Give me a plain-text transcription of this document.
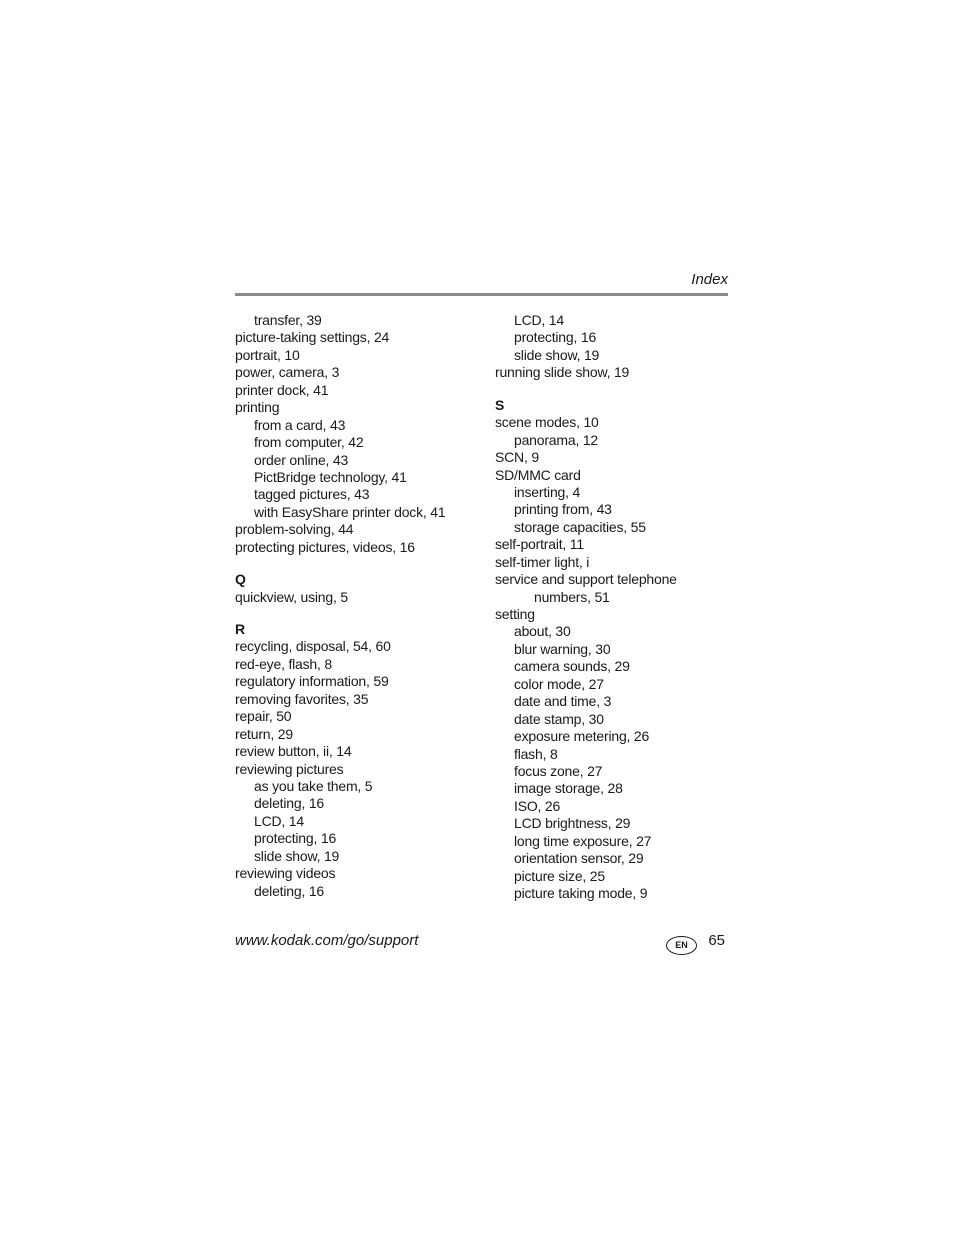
Index
transfer, 39
picture-taking settings, 24
portrait, 10
power, camera, 3
printer dock, 41
printing
from a card, 43
from computer, 42
order online, 43
PictBridge technology, 41
tagged pictures, 43
with EasyShare printer dock, 41
problem-solving, 44
protecting pictures, videos, 16
Q
quickview, using, 5
R
recycling, disposal, 54, 60
red-eye, flash, 8
regulatory information, 59
removing favorites, 35
repair, 50
return, 29
review button, ii, 14
reviewing pictures
as you take them, 5
deleting, 16
LCD, 14
protecting, 16
slide show, 19
reviewing videos
deleting, 16
LCD, 14
protecting, 16
slide show, 19
running slide show, 19
S
scene modes, 10
panorama, 12
SCN, 9
SD/MMC card
inserting, 4
printing from, 43
storage capacities, 55
self-portrait, 11
self-timer light, i
service and support telephone
numbers, 51
setting
about, 30
blur warning, 30
camera sounds, 29
color mode, 27
date and time, 3
date stamp, 30
exposure metering, 26
flash, 8
focus zone, 27
image storage, 28
ISO, 26
LCD brightness, 29
long time exposure, 27
orientation sensor, 29
picture size, 25
picture taking mode, 9
www.kodak.com/go/support	EN	65
